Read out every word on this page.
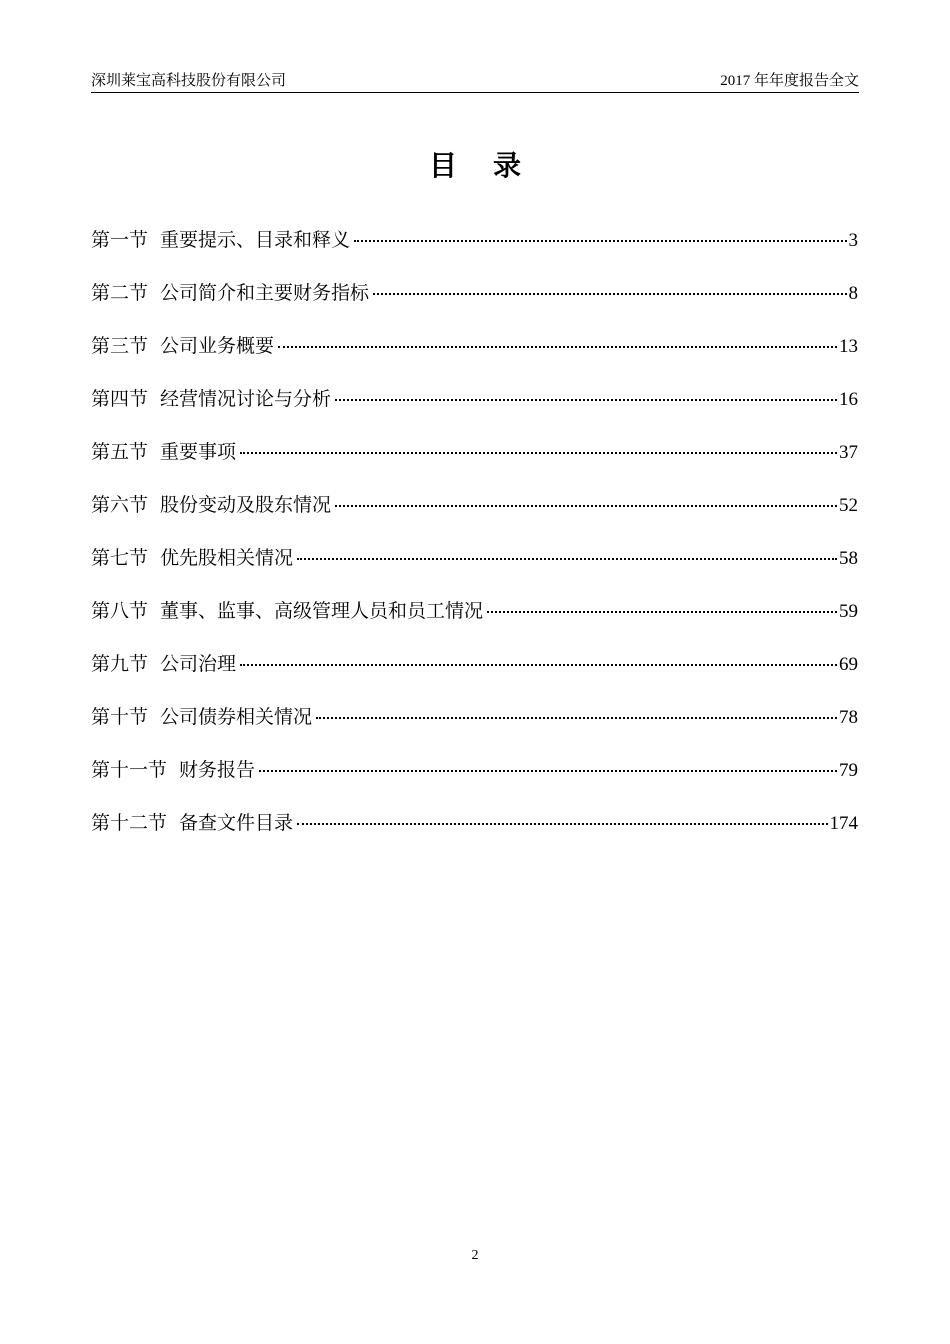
深圳莱宝高科技股份有限公司	2017 年年度报告全文
目录
第一节 重要提示、目录和释义	3
第二节 公司简介和主要财务指标	8
第三节 公司业务概要	13
第四节 经营情况讨论与分析	16
第五节 重要事项	37
第六节 股份变动及股东情况	52
第七节 优先股相关情况	58
第八节 董事、监事、高级管理人员和员工情况	59
第九节 公司治理	69
第十节 公司债券相关情况	78
第十一节 财务报告	79
第十二节 备查文件目录	174
2
